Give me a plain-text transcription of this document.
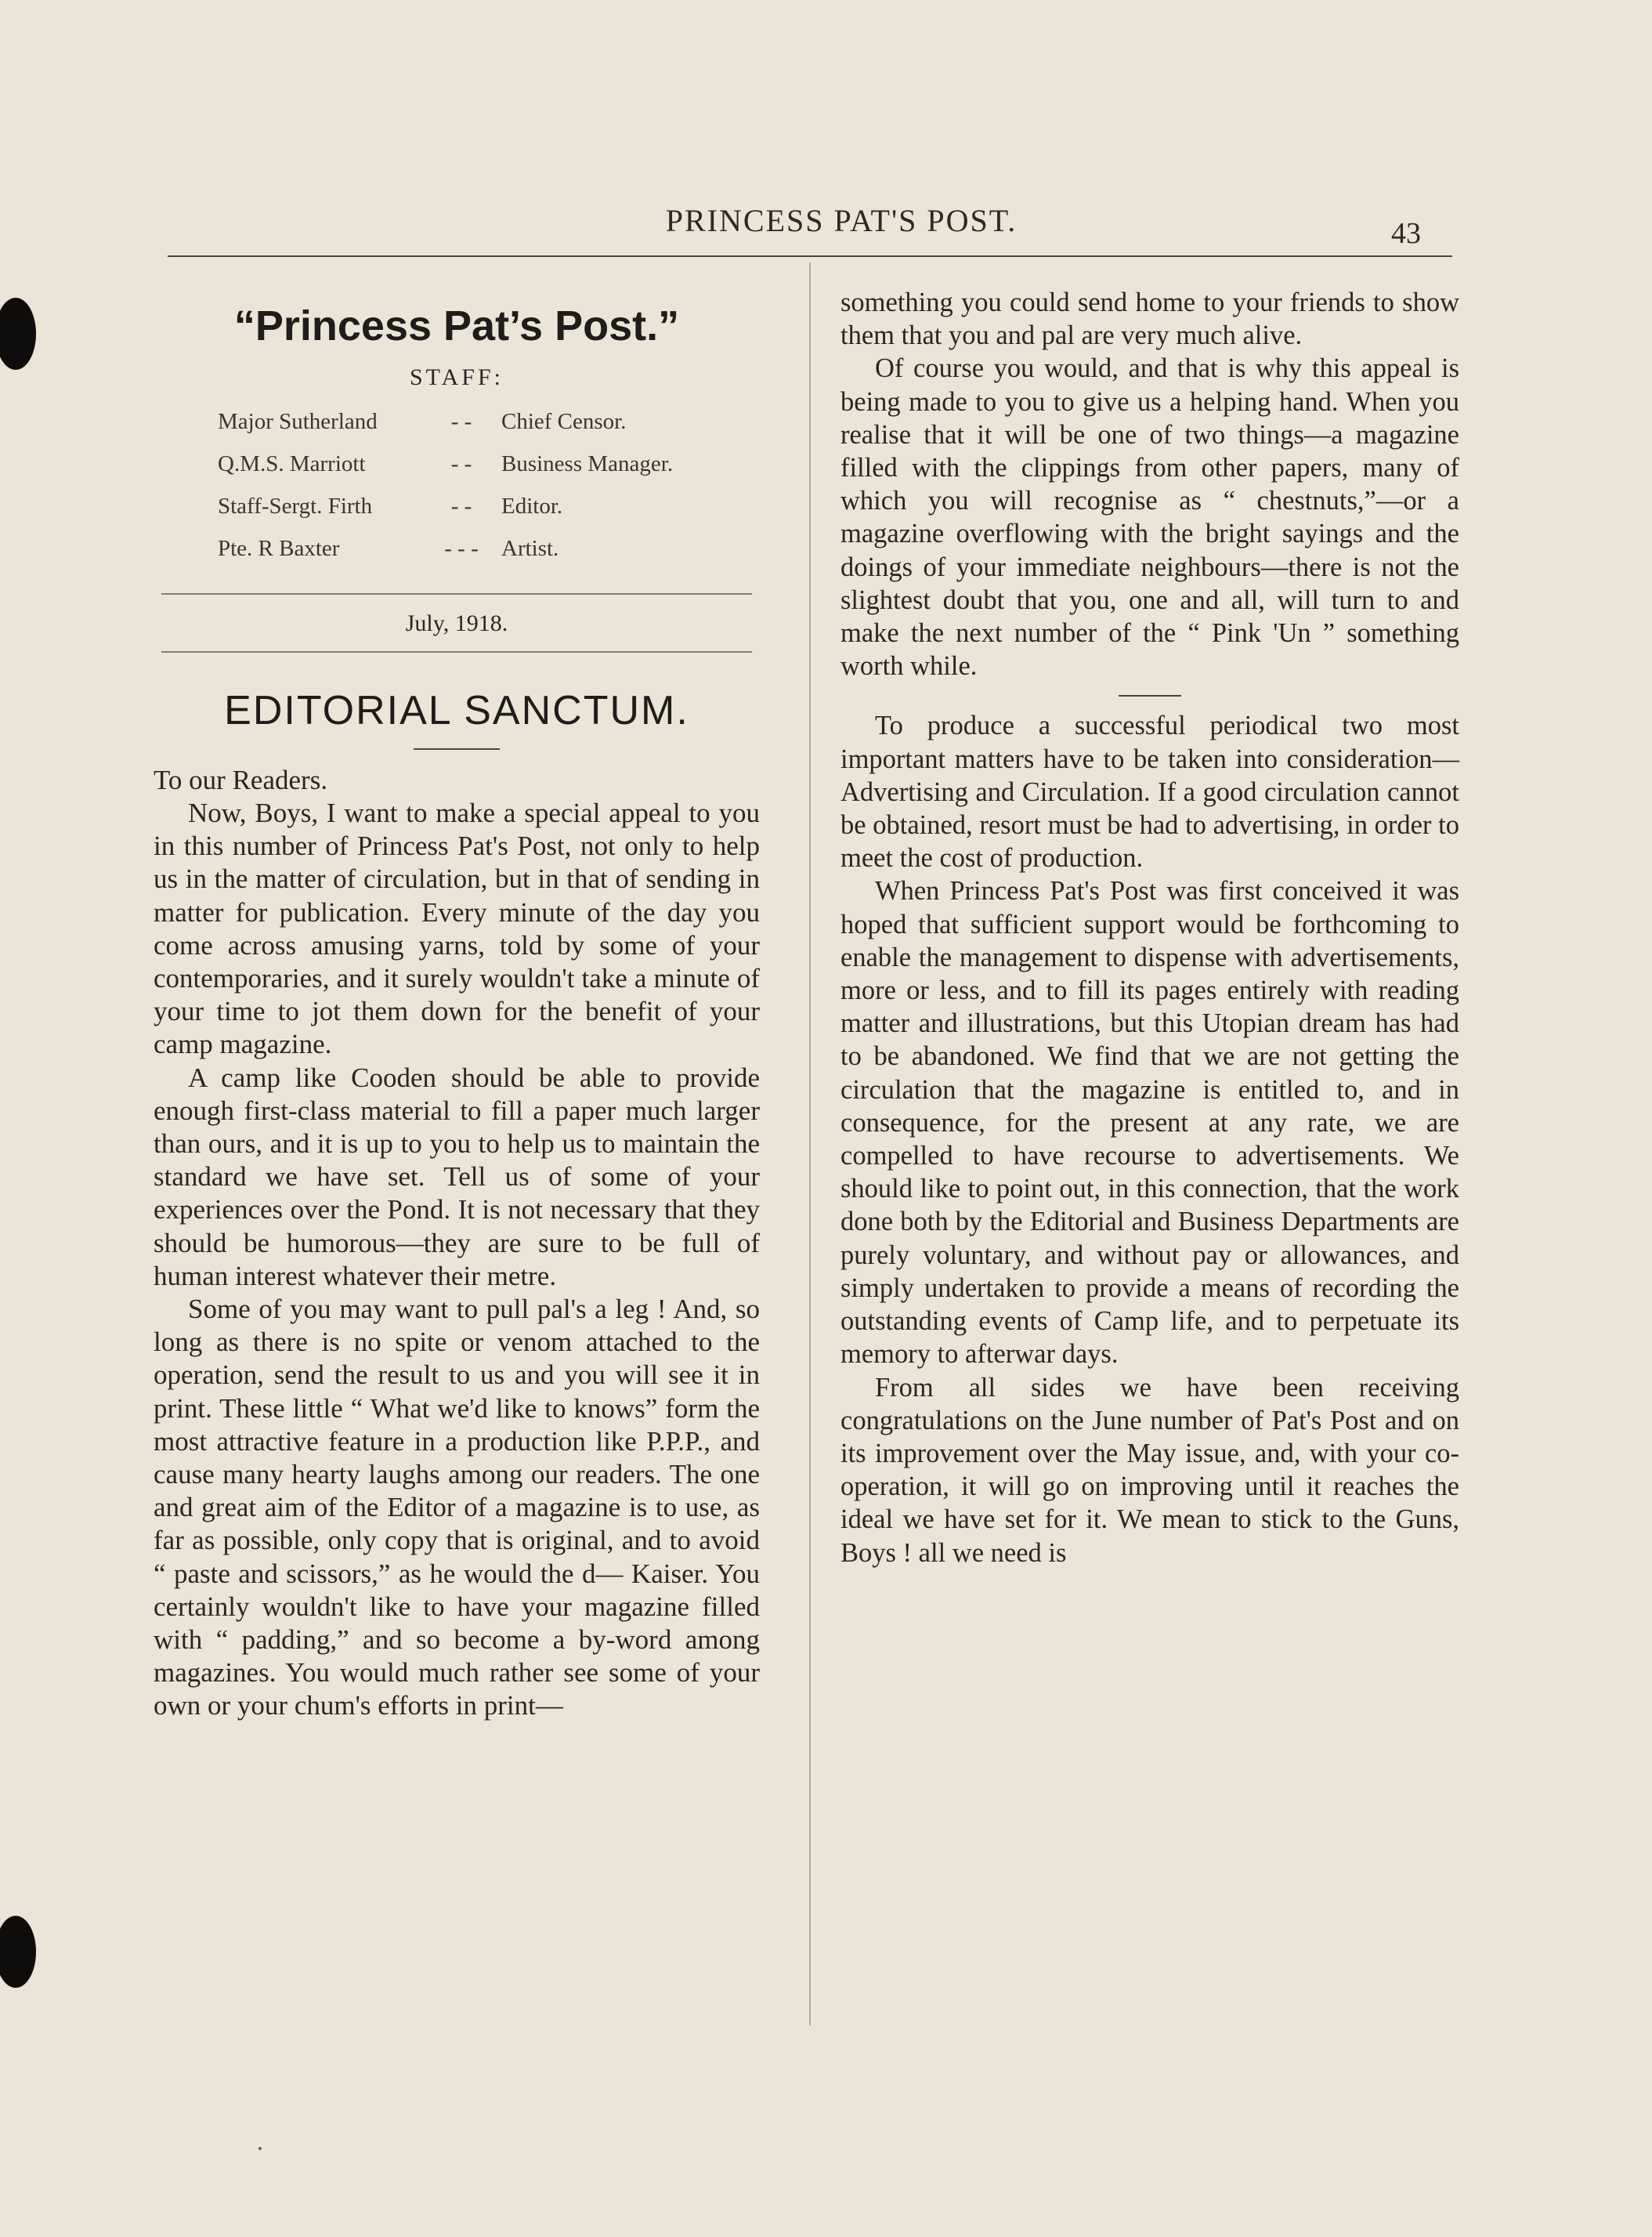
PRINCESS PAT'S POST.	43
“Princess Pat’s Post.”
STAFF:
Major Sutherland	- -	Chief Censor.
Q.M.S. Marriott	- -	Business Manager.
Staff-Sergt. Firth	- -	Editor.
Pte. R Baxter	- - -	Artist.
July, 1918.
EDITORIAL SANCTUM.
To our Readers.

Now, Boys, I want to make a special appeal to you in this number of Princess Pat's Post, not only to help us in the matter of circulation, but in that of sending in matter for publication. Every minute of the day you come across amusing yarns, told by some of your contemporaries, and it surely wouldn't take a minute of your time to jot them down for the benefit of your camp magazine.

A camp like Cooden should be able to provide enough first-class material to fill a paper much larger than ours, and it is up to you to help us to maintain the standard we have set. Tell us of some of your experiences over the Pond. It is not necessary that they should be humorous—they are sure to be full of human interest whatever their metre.

Some of you may want to pull pal's a leg ! And, so long as there is no spite or venom attached to the operation, send the result to us and you will see it in print. These little “ What we'd like to knows” form the most attractive feature in a production like P.P.P., and cause many hearty laughs among our readers. The one and great aim of the Editor of a magazine is to use, as far as possible, only copy that is original, and to avoid “ paste and scissors,” as he would the d— Kaiser. You certainly wouldn't like to have your magazine filled with “ padding,” and so become a by-word among magazines. You would much rather see some of your own or your chum's efforts in print—

something you could send home to your friends to show them that you and pal are very much alive.

Of course you would, and that is why this appeal is being made to you to give us a helping hand. When you realise that it will be one of two things—a magazine filled with the clippings from other papers, many of which you will recognise as “ chestnuts,”—or a magazine overflowing with the bright sayings and the doings of your immediate neighbours—there is not the slightest doubt that you, one and all, will turn to and make the next number of the “ Pink 'Un ” something worth while.

To produce a successful periodical two most important matters have to be taken into consideration—Advertising and Circulation. If a good circulation cannot be obtained, resort must be had to advertising, in order to meet the cost of production.

When Princess Pat's Post was first conceived it was hoped that sufficient support would be forthcoming to enable the management to dispense with advertisements, more or less, and to fill its pages entirely with reading matter and illustrations, but this Utopian dream has had to be abandoned. We find that we are not getting the circulation that the magazine is entitled to, and in consequence, for the present at any rate, we are compelled to have recourse to advertisements. We should like to point out, in this connection, that the work done both by the Editorial and Business Departments are purely voluntary, and without pay or allowances, and simply undertaken to provide a means of recording the outstanding events of Camp life, and to perpetuate its memory to afterwar days.

From all sides we have been receiving congratulations on the June number of Pat's Post and on its improvement over the May issue, and, with your co-operation, it will go on improving until it reaches the ideal we have set for it. We mean to stick to the Guns, Boys ! all we need is
